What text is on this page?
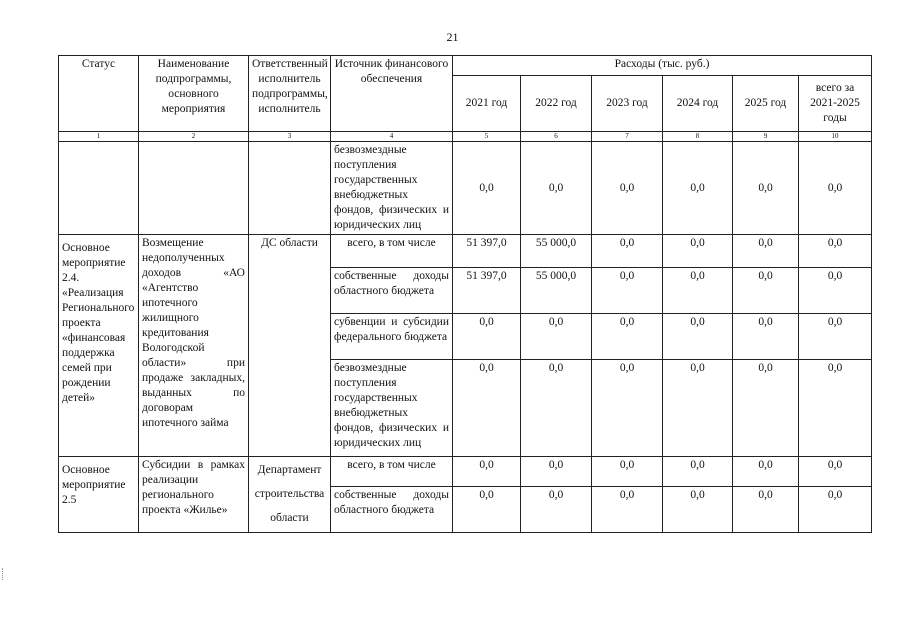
21
Статус	Наименование подпрограммы, основного мероприятия	Ответственный исполнитель подпрограммы, исполнитель	Источник финансового обеспечения	Расходы (тыс. руб.)					
				2021 год	2022 год	2023 год	2024 год	2025 год	всего за 2021-2025 годы
1	2	3	4	5	6	7	8	9	10
			безвозмездные поступления государственных внебюджетных фондов, физических и юридических лиц	0,0	0,0	0,0	0,0	0,0	0,0
Основное мероприятие 2.4. «Реализация Регионального проекта «финансовая поддержка семей при рождении детей»	Возмещение недополученных доходов «АО «Агентство ипотечного жилищного кредитования Вологодской области» при продаже закладных, выданных по договорам ипотечного займа	ДС области	всего, в том числе	51 397,0	55 000,0	0,0	0,0	0,0	0,0
			собственные доходы областного бюджета	51 397,0	55 000,0	0,0	0,0	0,0	0,0
			субвенции и субсидии федерального бюджета	0,0	0,0	0,0	0,0	0,0	0,0
			безвозмездные поступления государственных внебюджетных фондов, физических и юридических лиц	0,0	0,0	0,0	0,0	0,0	0,0
Основное мероприятие 2.5	Субсидии в рамках реализации регионального проекта «Жилье»	Департамент строительства области	всего, в том числе	0,0	0,0	0,0	0,0	0,0	0,0
			собственные доходы областного бюджета	0,0	0,0	0,0	0,0	0,0	0,0
